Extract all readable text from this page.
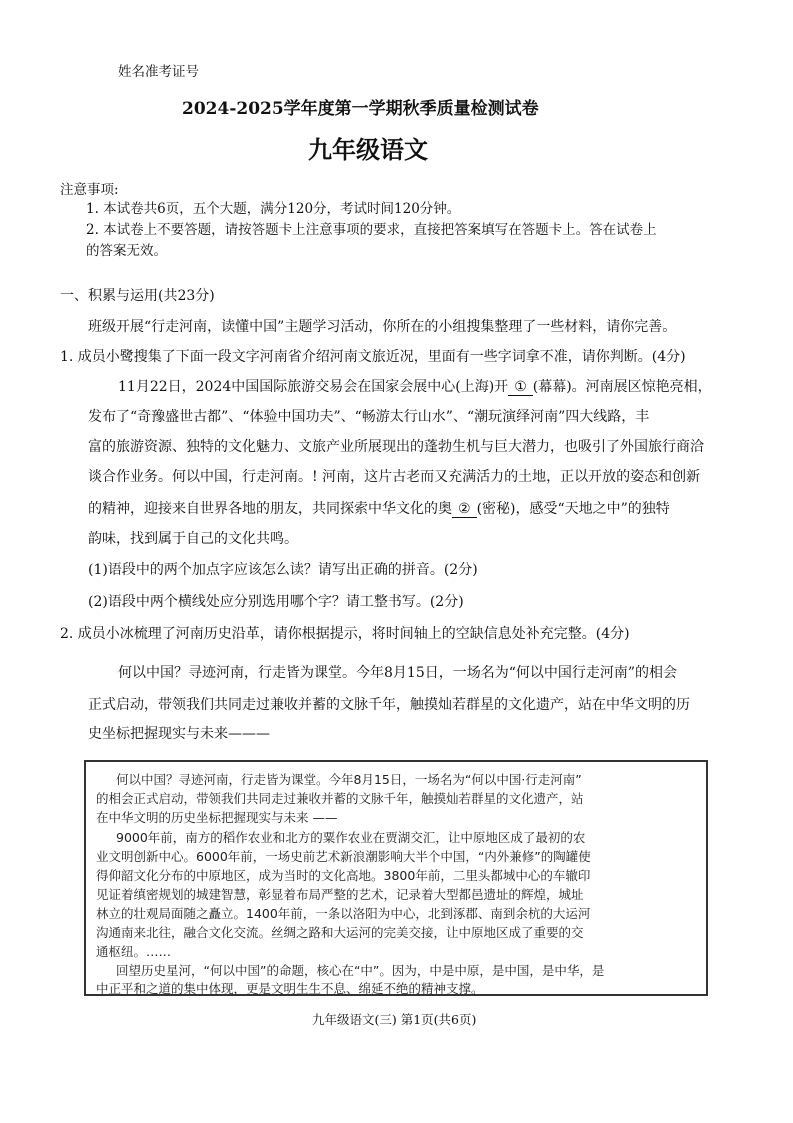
姓名准考证号
2024-2025学年度第一学期秋季质量检测试卷
九年级语文
注意事项:
1. 本试卷共6页，五个大题，满分120分，考试时间120分钟。
2. 本试卷上不要答题，请按答题卡上注意事项的要求，直接把答案填写在答题卡上。答在试卷上
的答案无效。
一、积累与运用(共23分)
班级开展“行走河南，读懂中国”主题学习活动，你所在的小组搜集整理了一些材料，请你完善。
1. 成员小鹭搜集了下面一段文字河南省介绍河南文旅近况，里面有一些字词拿不准，请你判断。(4分)
11月22日，2024中国国际旅游交易会在国家会展中心(上海)开 ① (幕幕)。河南展区惊艳亮相，
发布了“奇豫盛世古都”、“体验中国功夫”、“畅游太行山水”、“潮玩演绎河南”四大线路，丰
富的旅游资源、独特的文化魅力、文旅产业所展现出的蓬勃生机与巨大潜力，也吸引了外国旅行商洽
谈合作业务。何以中国，行走河南。! 河南，这片古老而又充满活力的土地，正以开放的姿态和创新
的精神，迎接来自世界各地的朋友，共同探索中华文化的奥 ② (密秘)，感受“天地之中”的独特
韵味，找到属于自己的文化共鸣。
(1)语段中的两个加点字应该怎么读？请写出正确的拼音。(2分)
(2)语段中两个横线处应分别选用哪个字？请工整书写。(2分)
2. 成员小冰梳理了河南历史沿革，请你根据提示，将时间轴上的空缺信息处补充完整。(4分)
何以中国？寻迹河南，行走皆为课堂。今年8月15日，一场名为“何以中国行走河南”的相会
正式启动，带领我们共同走过兼收并蓄的文脉千年，触摸灿若群星的文化遗产，站在中华文明的历
史坐标把握现实与未来———
何以中国？寻迹河南，行走皆为课堂。今年8月15日，一场名为“何以中国·行走河南”
的相会正式启动，带领我们共同走过兼收并蓄的文脉千年，触摸灿若群星的文化遗产，站
在中华文明的历史坐标把握现实与未来 ——
9000年前，南方的稻作农业和北方的粟作农业在贾湖交汇，让中原地区成了最初的农
业文明创新中心。6000年前，一场史前艺术新浪潮影响大半个中国，“内外兼修”的陶罐使
得仰韶文化分布的中原地区，成为当时的文化高地。3800年前，二里头都城中心的车辙印
见证着缜密规划的城建智慧，彰显着布局严整的艺术，记录着大型都邑遗址的辉煌，城址
林立的壮观局面随之矗立。1400年前，一条以洛阳为中心，北到涿郡、南到余杭的大运河
沟通南来北往，融合文化交流。丝绸之路和大运河的完美交接，让中原地区成了重要的交
通枢纽。……
回望历史星河，“何以中国”的命题，核心在“中”。因为，中是中原，是中国，是中华，是
中正平和之道的集中体现，更是文明生生不息、绵延不绝的精神支撑。
九年级语文(三) 第1页(共6页)
